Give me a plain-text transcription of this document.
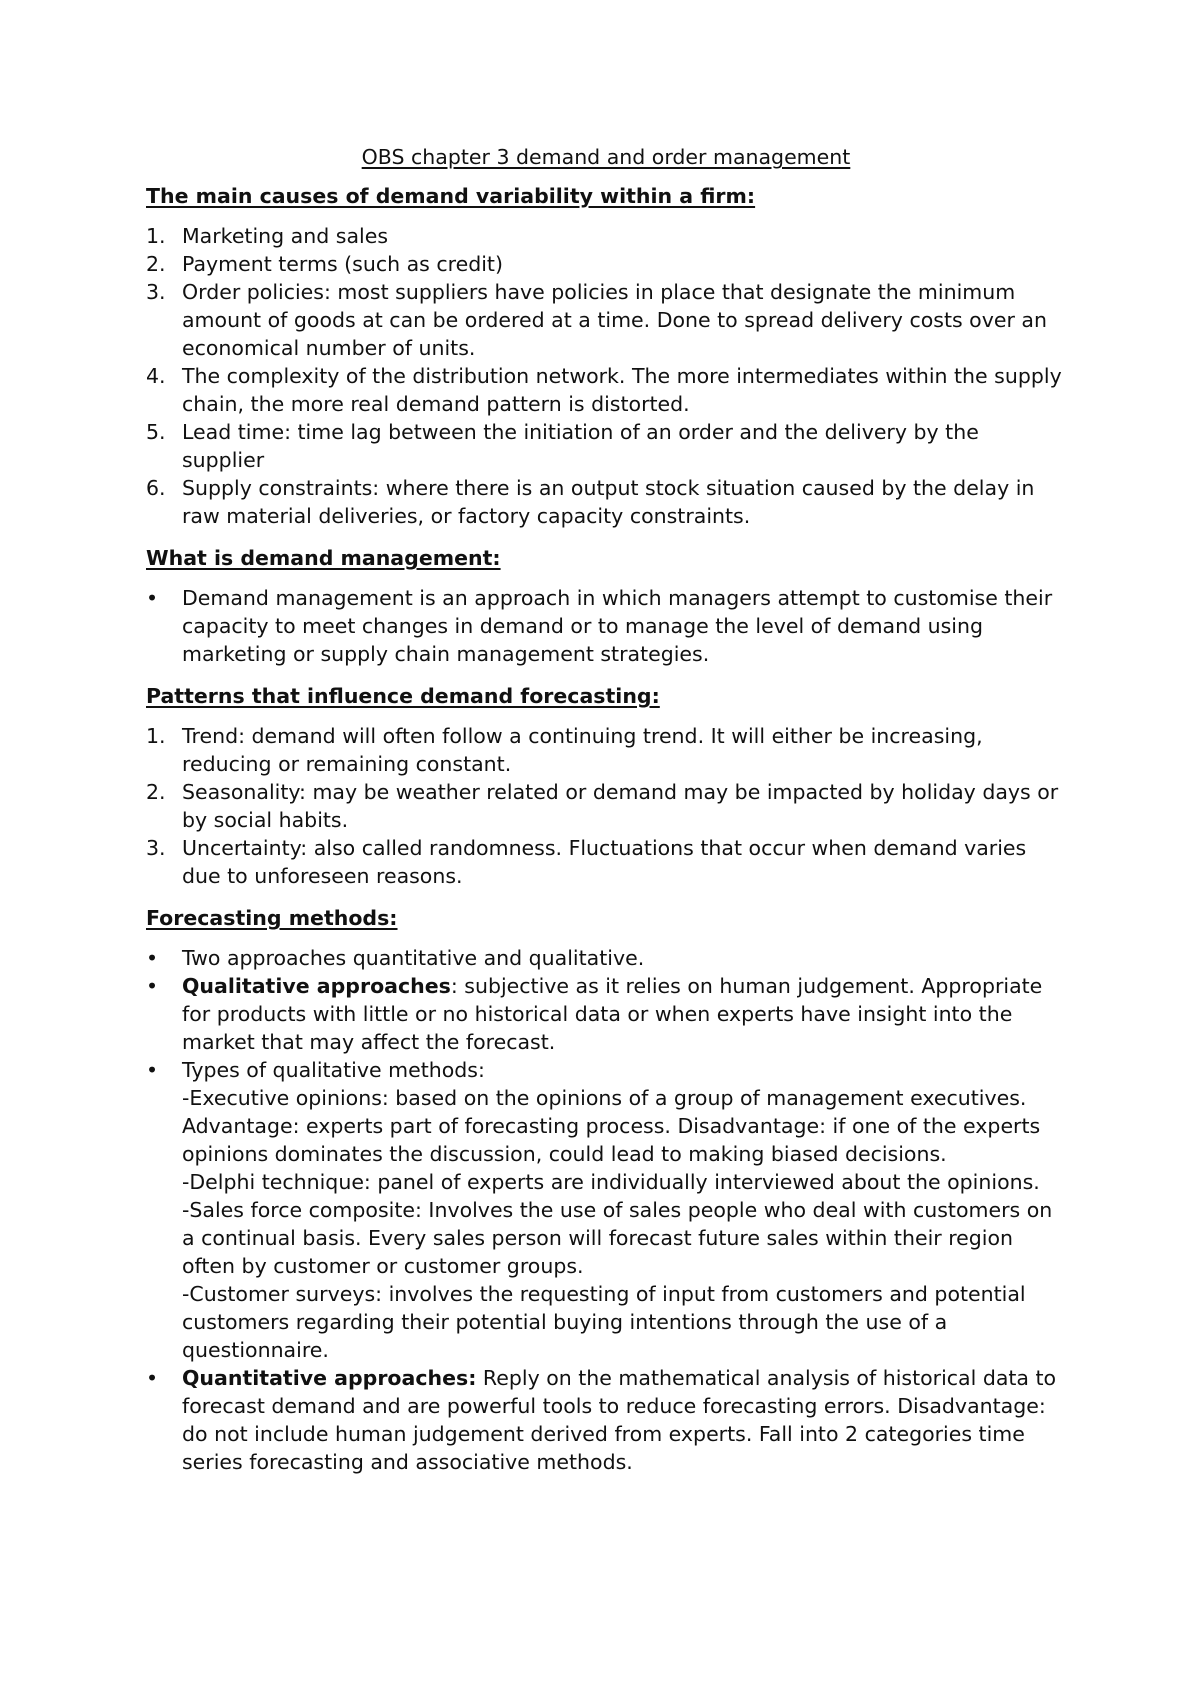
OBS chapter 3 demand and order management
The main causes of demand variability within a firm:
1. Marketing and sales
2. Payment terms (such as credit)
3. Order policies: most suppliers have policies in place that designate the minimum amount of goods at can be ordered at a time. Done to spread delivery costs over an economical number of units.
4. The complexity of the distribution network. The more intermediates within the supply chain, the more real demand pattern is distorted.
5. Lead time: time lag between the initiation of an order and the delivery by the supplier
6. Supply constraints: where there is an output stock situation caused by the delay in raw material deliveries, or factory capacity constraints.
What is demand management:
•	Demand management is an approach in which managers attempt to customise their capacity to meet changes in demand or to manage the level of demand using marketing or supply chain management strategies.
Patterns that influence demand forecasting:
1. Trend: demand will often follow a continuing trend. It will either be increasing, reducing or remaining constant.
2. Seasonality: may be weather related or demand may be impacted by holiday days or by social habits.
3. Uncertainty: also called randomness. Fluctuations that occur when demand varies due to unforeseen reasons.
Forecasting methods:
•	Two approaches quantitative and qualitative.
•	Qualitative approaches: subjective as it relies on human judgement. Appropriate for products with little or no historical data or when experts have insight into the market that may affect the forecast.
•	Types of qualitative methods:
-Executive opinions: based on the opinions of a group of management executives. Advantage: experts part of forecasting process. Disadvantage: if one of the experts opinions dominates the discussion, could lead to making biased decisions.
-Delphi technique: panel of experts are individually interviewed about the opinions.
-Sales force composite: Involves the use of sales people who deal with customers on a continual basis. Every sales person will forecast future sales within their region often by customer or customer groups.
-Customer surveys: involves the requesting of input from customers and potential customers regarding their potential buying intentions through the use of a questionnaire.
•	Quantitative approaches: Reply on the mathematical analysis of historical data to forecast demand and are powerful tools to reduce forecasting errors. Disadvantage: do not include human judgement derived from experts. Fall into 2 categories time series forecasting and associative methods.
